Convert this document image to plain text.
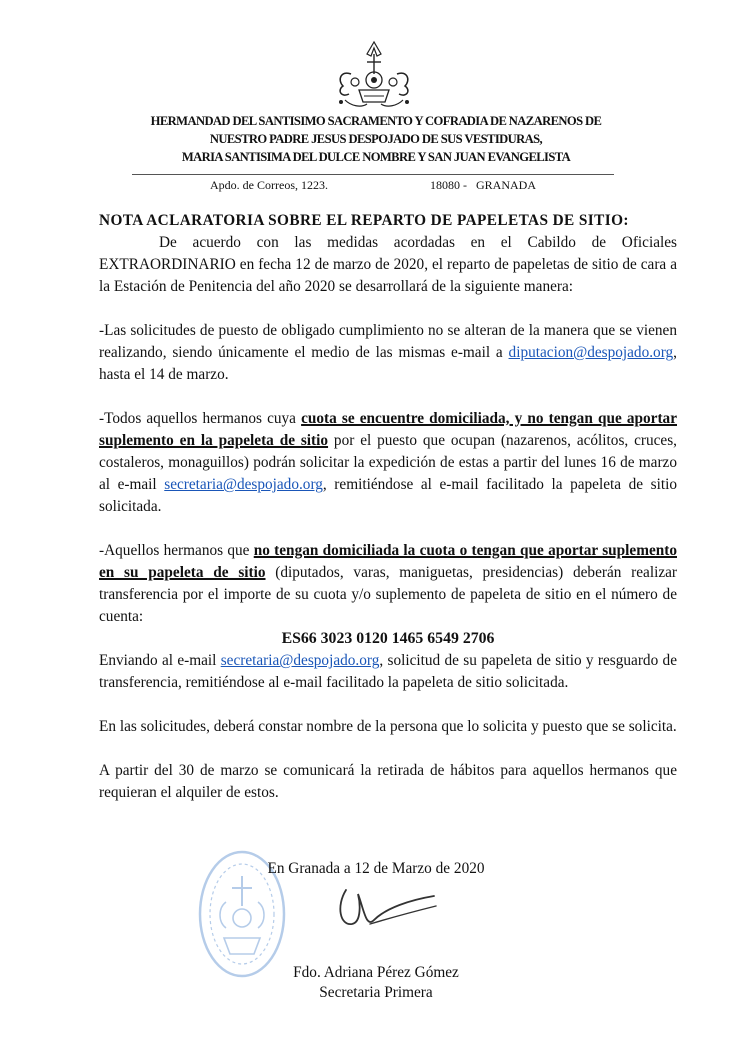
HERMANDAD DEL SANTISIMO SACRAMENTO Y COFRADIA DE NAZARENOS DE
NUESTRO PADRE JESUS DESPOJADO DE SUS VESTIDURAS,
MARIA SANTISIMA DEL DULCE NOMBRE Y SAN JUAN EVANGELISTA
Apdo. de Correos, 1223.	18080 -   GRANADA
NOTA ACLARATORIA SOBRE EL REPARTO DE PAPELETAS DE SITIO:
De acuerdo con las medidas acordadas en el Cabildo de Oficiales EXTRAORDINARIO en fecha 12 de marzo de 2020, el reparto de papeletas de sitio de cara a la Estación de Penitencia del año 2020 se desarrollará de la siguiente manera:
-Las solicitudes de puesto de obligado cumplimiento no se alteran de la manera que se vienen realizando, siendo únicamente el medio de las mismas e-mail a diputacion@despojado.org, hasta el 14 de marzo.
-Todos aquellos hermanos cuya cuota se encuentre domiciliada, y no tengan que aportar suplemento en la papeleta de sitio por el puesto que ocupan (nazarenos, acólitos, cruces, costaleros, monaguillos) podrán solicitar la expedición de estas a partir del lunes 16 de marzo al e-mail secretaria@despojado.org, remitiéndose al e-mail facilitado la papeleta de sitio solicitada.
-Aquellos hermanos que no tengan domiciliada la cuota o tengan que aportar suplemento en su papeleta de sitio (diputados, varas, maniguetas, presidencias) deberán realizar transferencia por el importe de su cuota y/o suplemento de papeleta de sitio en el número de cuenta:
ES66 3023 0120 1465 6549 2706
Enviando al e-mail secretaria@despojado.org, solicitud de su papeleta de sitio y resguardo de transferencia, remitiéndose al e-mail facilitado la papeleta de sitio solicitada.
En las solicitudes, deberá constar nombre de la persona que lo solicita y puesto que se solicita.
A partir del 30 de marzo se comunicará la retirada de hábitos para aquellos hermanos que requieran el alquiler de estos.
En Granada a 12 de Marzo de 2020
Fdo. Adriana Pérez Gómez
Secretaria Primera
